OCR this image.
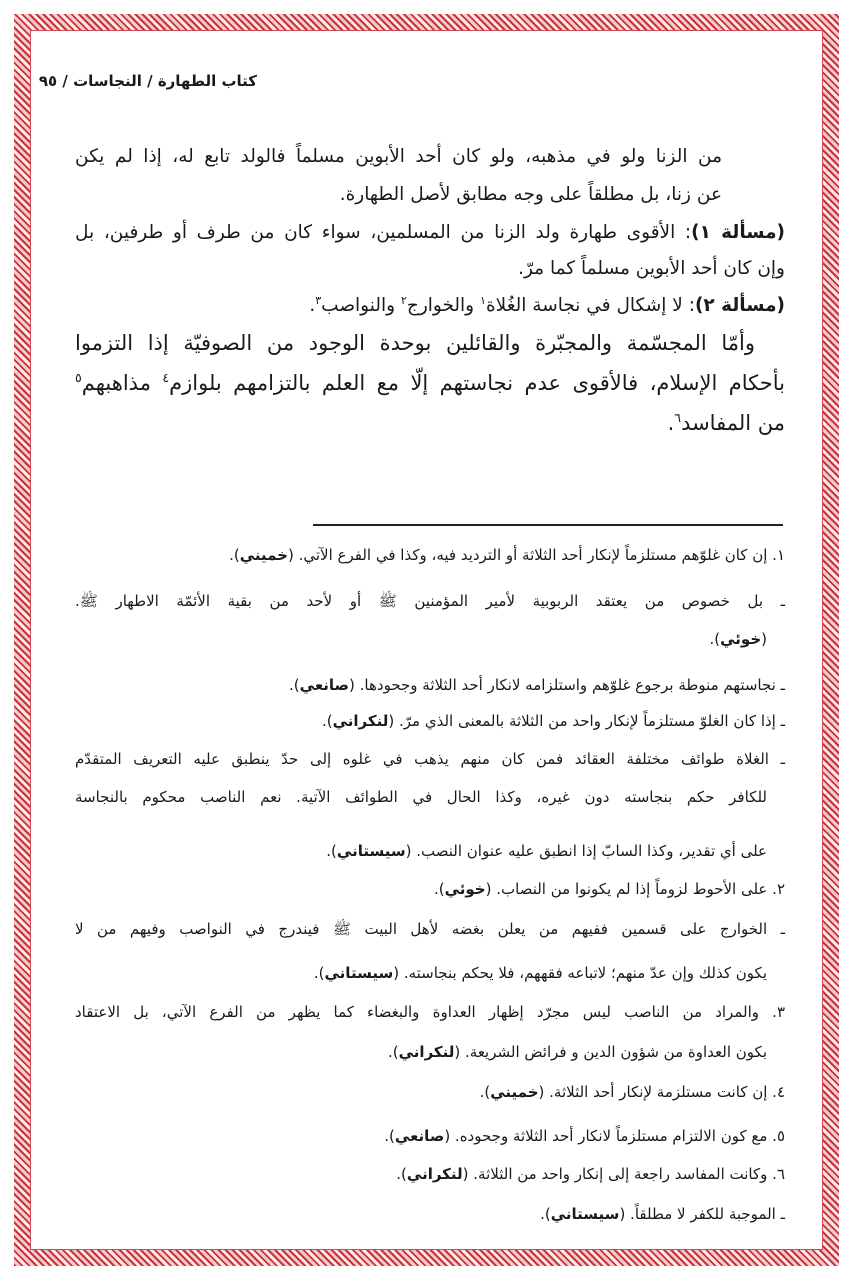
كتاب الطهارة / النجاسات / ٩٥
من الزنا ولو في مذهبه، ولو كان أحد الأبوين مسلماً فالولد تابع له، إذا لم يكن
عن زنا، بل مطلقاً على وجه مطابق لأصل الطهارة.
(مسألة ١): الأقوى طهارة ولد الزنا من المسلمين، سواء كان من طرف أو طرفين، بل
وإن كان أحد الأبوين مسلماً كما مرّ.
(مسألة ٢): لا إشكال في نجاسة الغُلاة$^١$ والخوارج$^٢$ والنواصب$^٣$.
وأمّا المجسّمة والمجبّرة والقائلين بوحدة الوجود من الصوفيّة إذا التزموا
بأحكام الإسلام، فالأقوى عدم نجاستهم إلّا مع العلم بالتزامهم بلوازم$^٤$ مذاهبهم$^٥$
من المفاسد$^٦$.
١. إن كان غلوّهم مستلزماً لإنكار أحد الثلاثة أو الترديد فيه، وكذا في الفرع الآتي. (خميني).
ـ بل خصوص من يعتقد الربوبية لأمير المؤمنين ﷺ أو لأحد من بقية الأئمّة الاطهار ﷺ.
(خوئي).
ـ نجاستهم منوطة برجوع غلوّهم واستلزامه لانكار أحد الثلاثة وجحودها. (صانعي).
ـ إذا كان الغلوّ مستلزماً لإنكار واحد من الثلاثة بالمعنى الذي مرّ. (لنكراني).
ـ الغلاة طوائف مختلفة العقائد فمن كان منهم يذهب في غلوه إلى حدّ ينطبق عليه التعريف المتقدّم
للكافر حكم بنجاسته دون غيره، وكذا الحال في الطوائف الآتية. نعم الناصب محكوم بالنجاسة
على أي تقدير، وكذا السابّ إذا انطبق عليه عنوان النصب. (سيستاني).
٢. على الأحوط لزوماً إذا لم يكونوا من النصاب. (خوئي).
ـ الخوارج على قسمين ففيهم من يعلن بغضه لأهل البيت ﷺ فيندرج في النواصب وفيهم من لا
يكون كذلك وإن عدّ منهم؛ لاتباعه فقههم، فلا يحكم بنجاسته. (سيستاني).
٣. والمراد من الناصب ليس مجرّد إظهار العداوة والبغضاء كما يظهر من الفرع الآتي، بل الاعتقاد
بكون العداوة من شؤون الدين و فرائض الشريعة. (لنكراني).
٤. إن كانت مستلزمة لإنكار أحد الثلاثة. (خميني).
٥. مع كون الالتزام مستلزماً لانكار أحد الثلاثة وجحوده. (صانعي).
٦. وكانت المفاسد راجعة إلى إنكار واحد من الثلاثة. (لنكراني).
ـ الموجبة للكفر لا مطلقاً. (سيستاني).
